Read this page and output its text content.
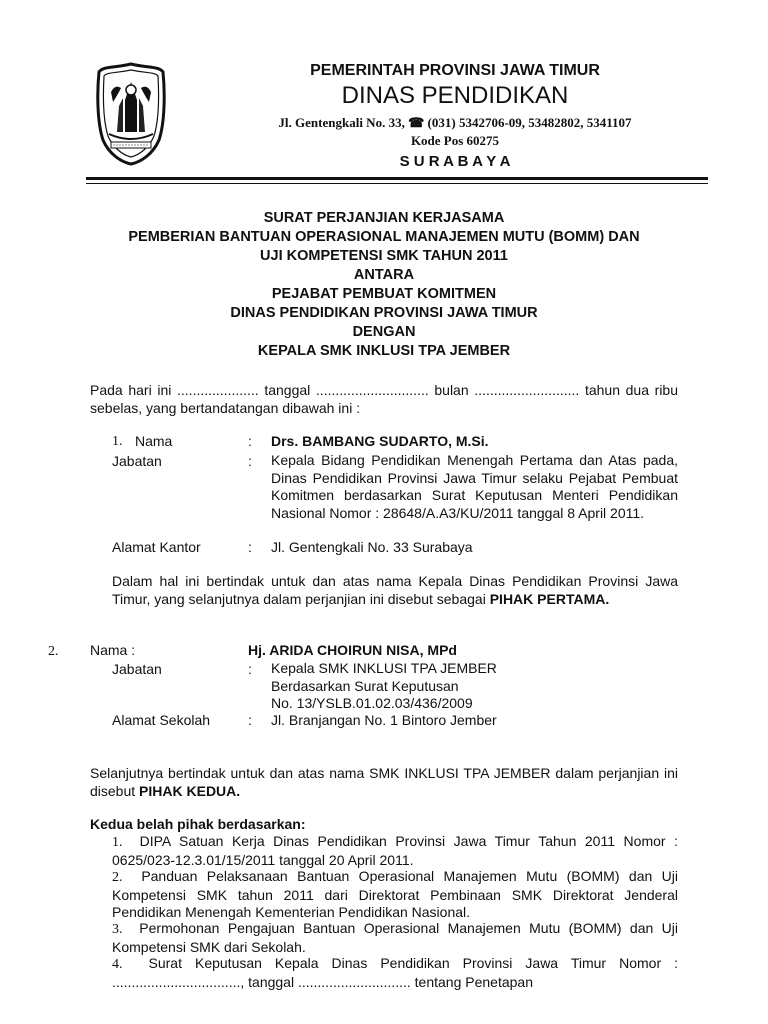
PEMERINTAH PROVINSI JAWA TIMUR
DINAS PENDIDIKAN
Jl. Gentengkali No. 33, ☎ (031) 5342706-09, 53482802, 5341107
Kode Pos 60275
S U R A B A Y A
SURAT PERJANJIAN KERJASAMA
PEMBERIAN BANTUAN OPERASIONAL MANAJEMEN MUTU (BOMM) DAN
UJI KOMPETENSI SMK TAHUN 2011
ANTARA
PEJABAT PEMBUAT KOMITMEN
DINAS PENDIDIKAN PROVINSI JAWA TIMUR
DENGAN
KEPALA SMK INKLUSI TPA JEMBER
Pada hari ini ..................... tanggal ............................. bulan ........................... tahun dua ribu sebelas, yang bertandatangan dibawah ini :
1. Nama	: Drs. BAMBANG SUDARTO, M.Si.
Jabatan	: Kepala Bidang Pendidikan Menengah Pertama dan Atas pada, Dinas Pendidikan Provinsi Jawa Timur selaku Pejabat Pembuat Komitmen berdasarkan Surat Keputusan Menteri Pendidikan Nasional Nomor : 28648/A.A3/KU/2011 tanggal 8 April 2011.
Alamat Kantor	: Jl. Gentengkali No. 33 Surabaya
Dalam hal ini bertindak untuk dan atas nama Kepala Dinas Pendidikan Provinsi Jawa Timur, yang selanjutnya dalam perjanjian ini disebut sebagai PIHAK PERTAMA.
2. Nama :	Hj. ARIDA CHOIRUN NISA, MPd
Jabatan	: Kepala SMK INKLUSI TPA JEMBER
Berdasarkan Surat Keputusan
No. 13/YSLB.01.02.03/436/2009
Alamat Sekolah	: Jl. Branjangan No. 1 Bintoro Jember
Selanjutnya bertindak untuk dan atas nama SMK INKLUSI TPA JEMBER dalam perjanjian ini disebut PIHAK KEDUA.
Kedua belah pihak berdasarkan:
1. DIPA Satuan Kerja Dinas Pendidikan Provinsi Jawa Timur Tahun 2011 Nomor : 0625/023-12.3.01/15/2011 tanggal 20 April 2011.
2. Panduan Pelaksanaan Bantuan Operasional Manajemen Mutu (BOMM) dan Uji Kompetensi SMK tahun 2011 dari Direktorat Pembinaan SMK Direktorat Jenderal Pendidikan Menengah Kementerian Pendidikan Nasional.
3. Permohonan Pengajuan Bantuan Operasional Manajemen Mutu (BOMM) dan Uji Kompetensi SMK dari Sekolah.
4. Surat Keputusan Kepala Dinas Pendidikan Provinsi Jawa Timur Nomor : ................................., tanggal ............................. tentang Penetapan
